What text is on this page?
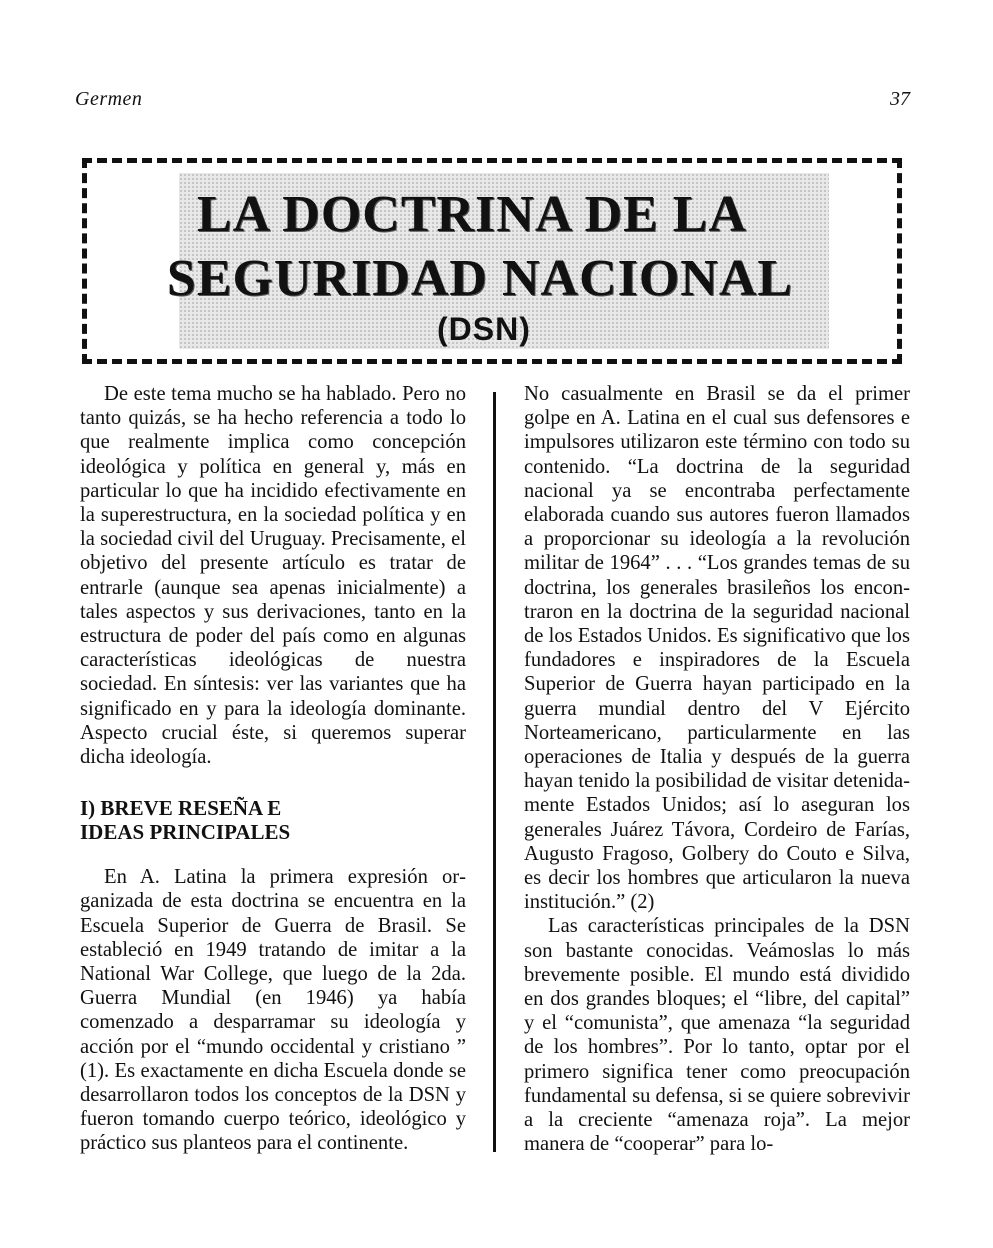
Germen	37
LA DOCTRINA DE LA
SEGURIDAD NACIONAL
(DSN)

De este tema mucho se ha hablado. Pero no tanto quizás, se ha hecho referencia a todo lo que realmente implica como concepción ideológica y política en general y, más en particular lo que ha incidido efectivamente en la superestructura, en la sociedad política y en la sociedad civil del Uruguay. Precisamente, el objetivo del presente artículo es tratar de entrarle (aunque sea apenas inicialmente) a tales aspectos y sus derivaciones, tanto en la estructura de poder del país como en algunas características ideológicas de nuestra sociedad. En síntesis: ver las variantes que ha significado en y para la ideología dominante. Aspecto crucial éste, si queremos superar dicha ideología.

I) BREVE RESEÑA E
IDEAS PRINCIPALES

En A. Latina la primera expresión organizada de esta doctrina se encuentra en la Escuela Superior de Guerra de Brasil. Se estableció en 1949 tratando de imitar a la National War College, que luego de la 2da. Guerra Mundial (en 1946) ya había comenzado a desparramar su ideología y acción por el “mundo occidental y cristiano ” (1). Es exactamente en dicha Escuela donde se desarrollaron todos los conceptos de la DSN y fueron tomando cuerpo teórico, ideológico y práctico sus planteos para el continente.

No casualmente en Brasil se da el primer golpe en A. Latina en el cual sus defensores e impulsores utilizaron este término con todo su contenido. “La doctrina de la seguridad nacional ya se encontraba perfectamente elaborada cuando sus autores fueron llamados a proporcionar su ideología a la revolución militar de 1964” . . . “Los grandes temas de su doctrina, los generales brasileños los encontraron en la doctrina de la seguridad nacional de los Estados Unidos. Es significativo que los fundadores e inspiradores de la Escuela Superior de Guerra hayan participado en la guerra mundial dentro del V Ejército Norteamericano, particularmente en las operaciones de Italia y después de la guerra hayan tenido la posibilidad de visitar detenidamente Estados Unidos; así lo aseguran los generales Juárez Távora, Cordeiro de Farías, Augusto Fragoso, Golbery do Couto e Silva, es decir los hombres que articularon la nueva institución.” (2)

Las características principales de la DSN son bastante conocidas. Veámoslas lo más brevemente posible. El mundo está dividido en dos grandes bloques; el “libre, del capital” y el “comunista”, que amenaza “la seguridad de los hombres”. Por lo tanto, optar por el primero significa tener como preocupación fundamental su defensa, si se quiere sobrevivir a la creciente “amenaza roja”. La mejor manera de “cooperar” para lo-
